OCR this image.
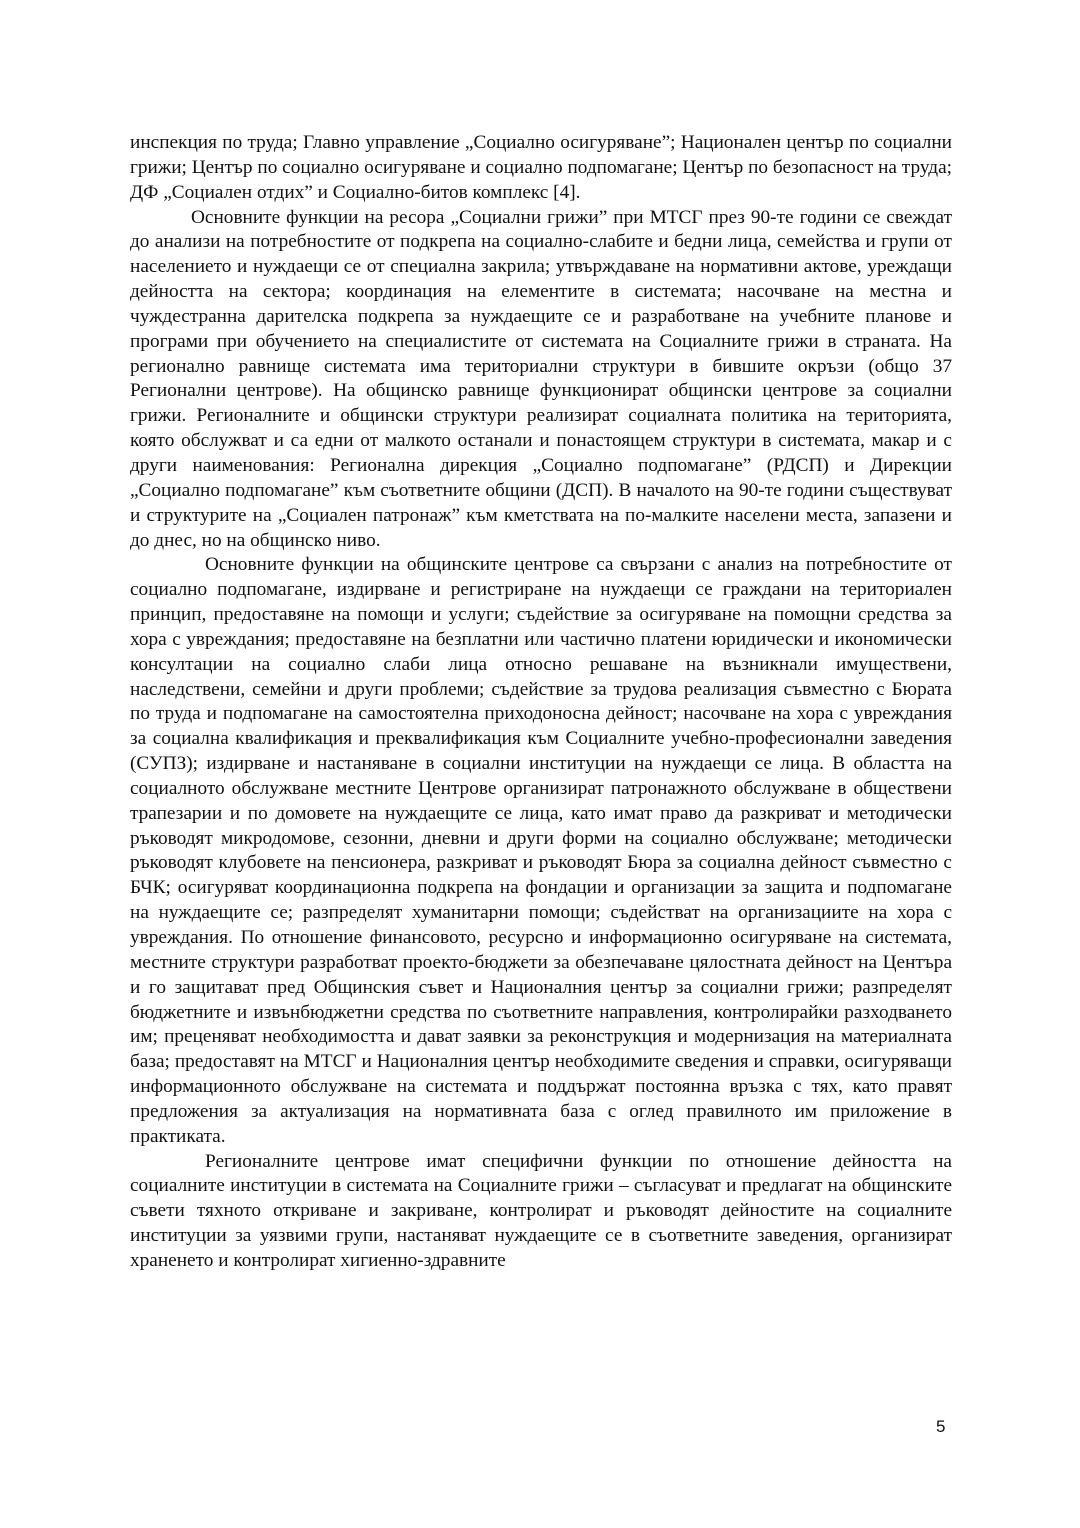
инспекция по труда; Главно управление „Социално осигуряване”; Национален център по социални грижи; Център по социално осигуряване и социално подпомагане; Център по безопасност на труда; ДФ „Социален отдих” и Социално-битов комплекс [4].

Основните функции на ресора „Социални грижи” при МТСГ през 90-те години се свеждат до анализи на потребностите от подкрепа на социално-слабите и бедни лица, семейства и групи от населението и нуждаещи се от специална закрила; утвърждаване на нормативни актове, уреждащи дейността на сектора; координация на елементите в системата; насочване на местна и чуждестранна дарителска подкрепа за нуждаещите се и разработване на учебните планове и програми при обучението на специалистите от системата на Социалните грижи в страната. На регионално равнище системата има териториални структури в бившите окръзи (общо 37 Регионални центрове). На общинско равнище функционират общински центрове за социални грижи. Регионалните и общински структури реализират социалната политика на територията, която обслужват и са едни от малкото останали и понастоящем структури в системата, макар и с други наименования: Регионална дирекция „Социално подпомагане” (РДСП) и Дирекции „Социално подпомагане” към съответните общини (ДСП). В началото на 90-те години съществуват и структурите на „Социален патронаж” към кметствата на по-малките населени места, запазени и до днес, но на общинско ниво.

Основните функции на общинските центрове са свързани с анализ на потребностите от социално подпомагане, издирване и регистриране на нуждаещи се граждани на териториален принцип, предоставяне на помощи и услуги; съдействие за осигуряване на помощни средства за хора с увреждания; предоставяне на безплатни или частично платени юридически и икономически консултации на социално слаби лица относно решаване на възникнали имуществени, наследствени, семейни и други проблеми; съдействие за трудова реализация съвместно с Бюрата по труда и подпомагане на самостоятелна приходоносна дейност; насочване на хора с увреждания за социална квалификация и преквалификация към Социалните учебно-професионални заведения (СУПЗ); издирване и настаняване в социални институции на нуждаещи се лица. В областта на социалното обслужване местните Центрове организират патронажното обслужване в обществени трапезарии и по домовете на нуждаещите се лица, като имат право да разкриват и методически ръководят микродомове, сезонни, дневни и други форми на социално обслужване; методически ръководят клубовете на пенсионера, разкриват и ръководят Бюра за социална дейност съвместно с БЧК; осигуряват координационна подкрепа на фондации и организации за защита и подпомагане на нуждаещите се; разпределят хуманитарни помощи; съдействат на организациите на хора с увреждания. По отношение финансовото, ресурсно и информационно осигуряване на системата, местните структури разработват проекто-бюджети за обезпечаване цялостната дейност на Центъра и го защитават пред Общинския съвет и Националния център за социални грижи; разпределят бюджетните и извънбюджетни средства по съответните направления, контролирайки разходването им; преценяват необходимостта и дават заявки за реконструкция и модернизация на материалната база; предоставят на МТСГ и Националния център необходимите сведения и справки, осигуряващи информационното обслужване на системата и поддържат постоянна връзка с тях, като правят предложения за актуализация на нормативната база с оглед правилното им приложение в практиката.

Регионалните центрове имат специфични функции по отношение дейността на социалните институции в системата на Социалните грижи – съгласуват и предлагат на общинските съвети тяхното откриване и закриване, контролират и ръководят дейностите на социалните институции за уязвими групи, настаняват нуждаещите се в съответните заведения, организират храненето и контролират хигиенно-здравните

5
